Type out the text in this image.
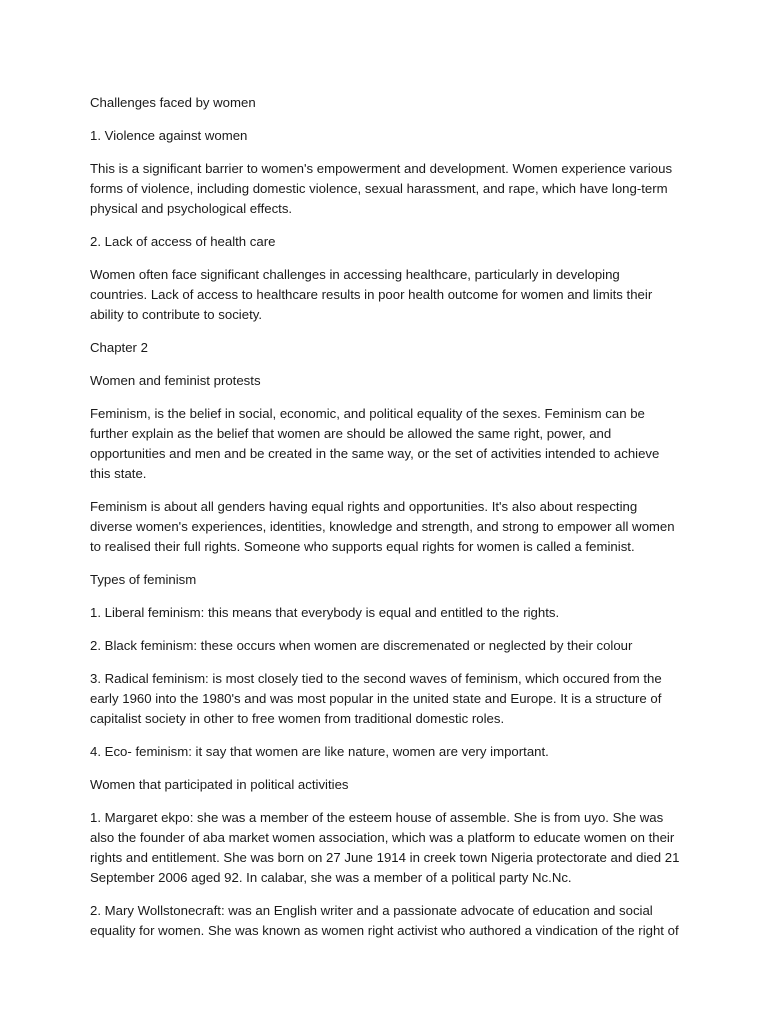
Challenges faced by women

1. Violence against women

This is a significant barrier to women's empowerment and development. Women experience various forms of violence, including domestic violence, sexual harassment, and rape, which have long-term physical and psychological effects.

2. Lack of access of health care

Women often face significant challenges in accessing healthcare, particularly in developing countries. Lack of access to healthcare results in poor health outcome for women and limits their ability to contribute to society.

Chapter 2

Women and feminist protests

Feminism, is the belief in social, economic, and political equality of the sexes. Feminism can be further explain as the belief that women are should be allowed the same right, power, and opportunities and men and be created in the same way, or the set of activities intended to achieve this state.

Feminism is about all genders having equal rights and opportunities. It's also about respecting diverse women's experiences, identities, knowledge and strength, and strong to empower all women to realised their full rights. Someone who supports equal rights for women is called a feminist.

Types of feminism

1. Liberal feminism: this means that everybody is equal and entitled to the rights.

2. Black feminism: these occurs when women are discremenated or neglected by their colour

3. Radical feminism: is most closely tied to the second waves of feminism, which occured from the early 1960 into the 1980's and was most popular in the united state and Europe. It is a structure of capitalist society in other to free women from traditional domestic roles.

4. Eco- feminism: it say that women are like nature, women are very important.

Women that participated in political activities

1. Margaret ekpo: she was a member of the esteem house of assemble. She is from uyo. She was also the founder of aba market women association, which was a platform to educate women on their rights and entitlement. She was born on 27 June 1914 in creek town Nigeria protectorate and died 21 September 2006 aged 92. In calabar, she was a member of a political party Nc.Nc.

2. Mary Wollstonecraft: was an English writer and a passionate advocate of education and social equality for women. She was known as women right activist who authored a vindication of the right of
